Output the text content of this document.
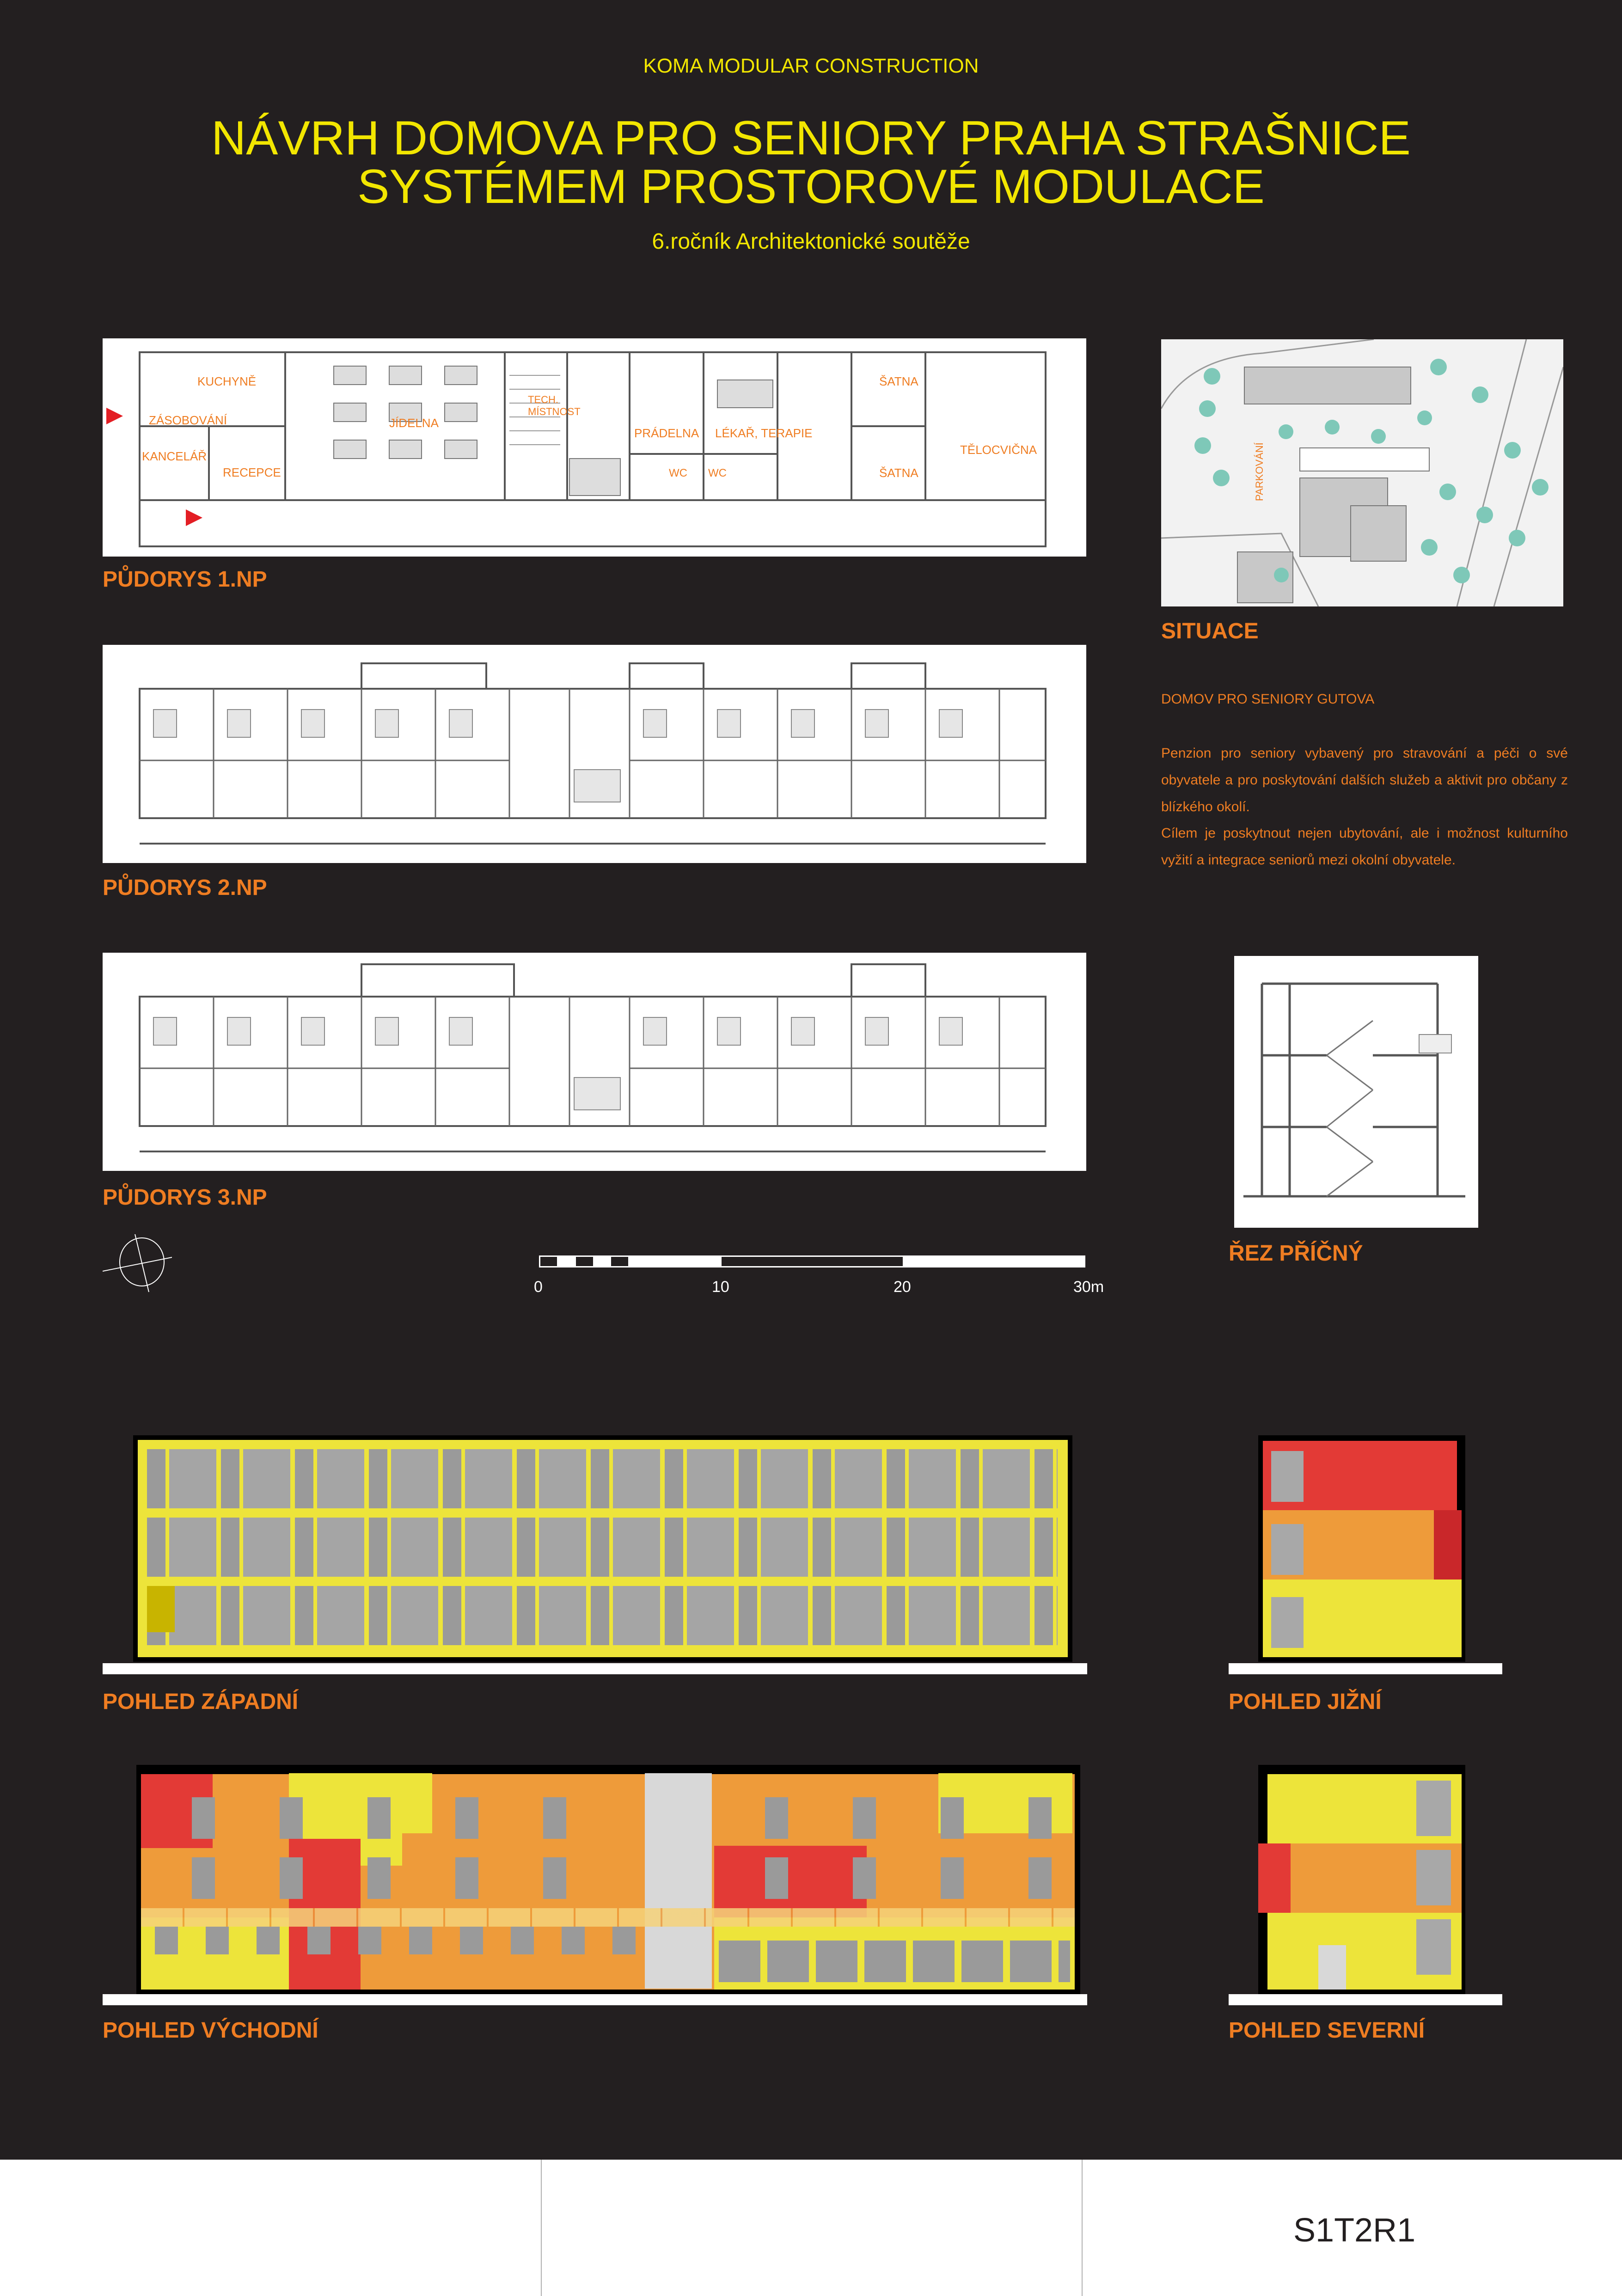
KOMA MODULAR CONSTRUCTION
NÁVRH DOMOVA PRO SENIORY PRAHA STRAŠNICE
SYSTÉMEM PROSTOROVÉ MODULACE
6.ročník Architektonické soutěže
KUCHYNĚ
ZÁSOBOVÁNÍ
KANCELÁŘ
RECEPCE
JÍDELNA
TECH. MÍSTNOST
PRÁDELNA LÉKAŘ, TERAPIE
WC WC
ŠATNA
ŠATNA
TĚLOCVIČNA
PŮDORYS 1.NP
PŮDORYS 2.NP
PŮDORYS 3.NP
0	10	20	30m
PARKOVÁNÍ
SITUACE
DOMOV PRO SENIORY GUTOVA
Penzion pro seniory vybavený pro stravování a péči o své obyvatele a pro poskytování dalších služeb a aktivit pro občany z blízkého okolí.
Cílem je poskytnout nejen ubytování, ale i možnost kulturního vyžití a integrace seniorů mezi okolní obyvatele.
ŘEZ PŘÍČNÝ
POHLED ZÁPADNÍ	POHLED JIŽNÍ
POHLED VÝCHODNÍ	POHLED SEVERNÍ
S1T2R1
